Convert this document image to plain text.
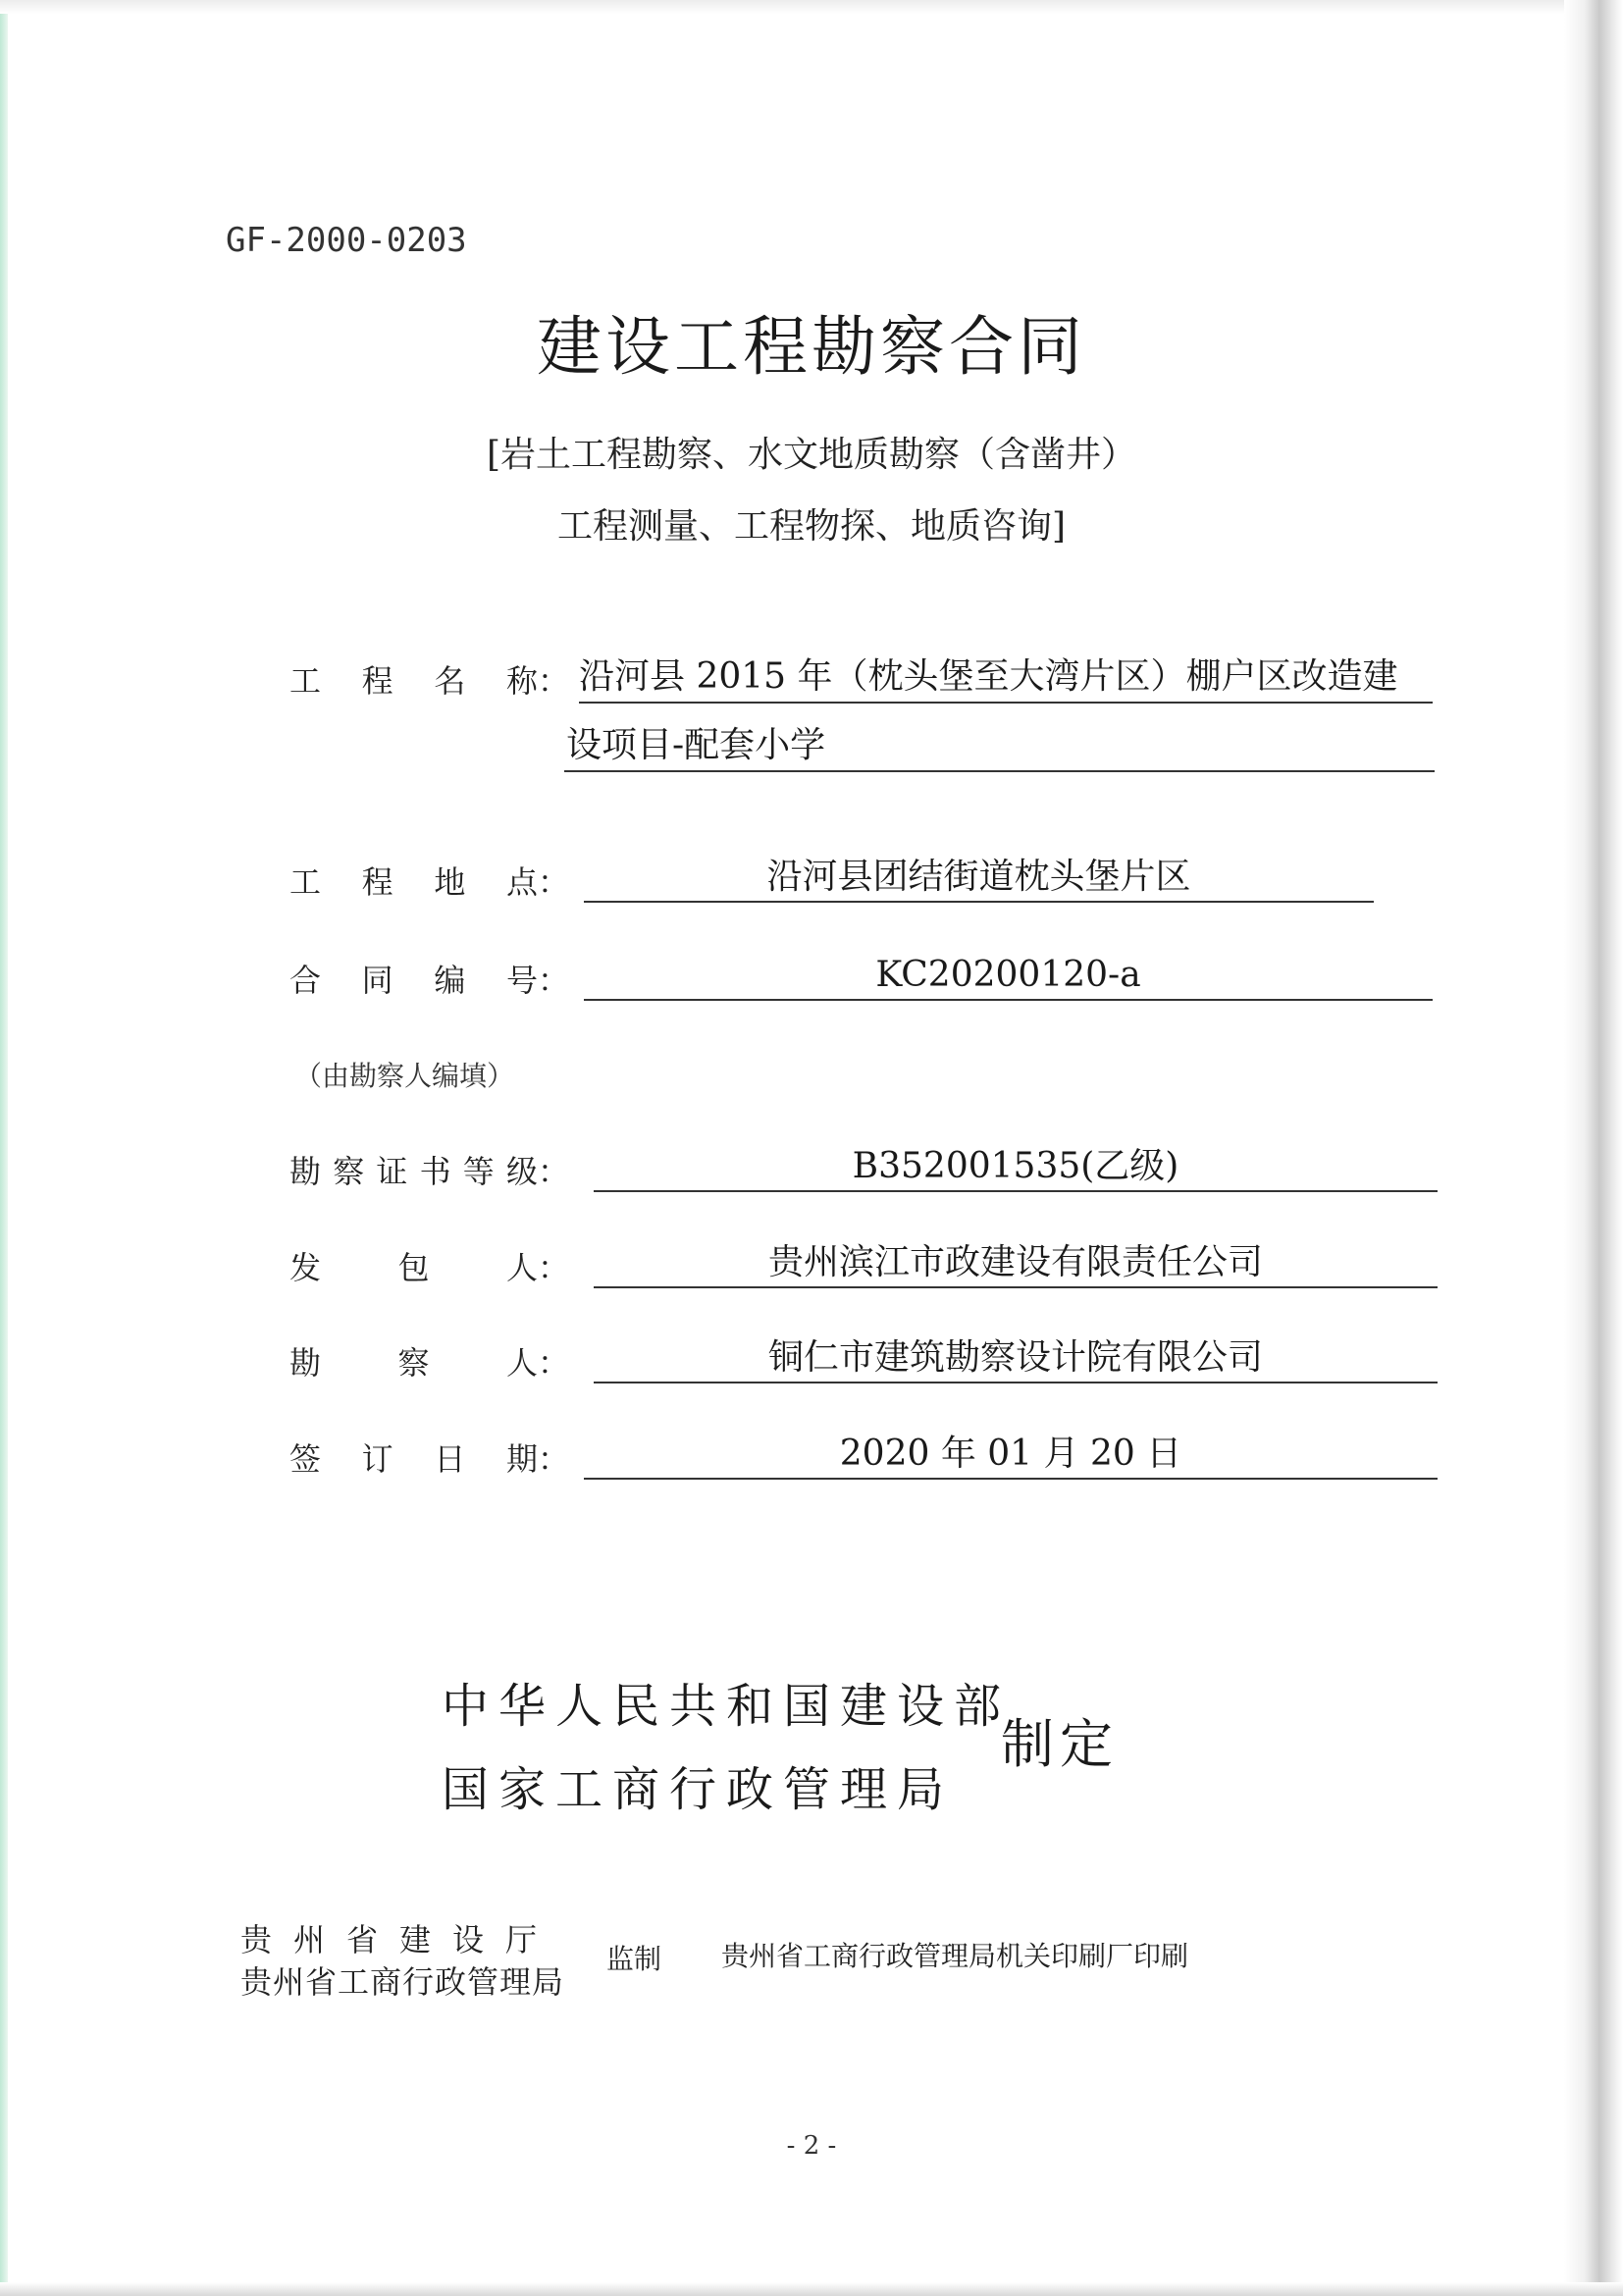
GF-2000-0203
建设工程勘察合同
[岩土工程勘察、水文地质勘察（含凿井）
工程测量、工程物探、地质咨询]
工 程 名 称： 沿河县 2015 年（枕头堡至大湾片区）棚户区改造建
设项目-配套小学
工 程 地 点：	沿河县团结街道枕头堡片区
合 同 编 号：	KC20200120-a
（由勘察人编填）
勘 察 证 书 等 级：	B352001535(乙级)
发 包 人：	贵州滨江市政建设有限责任公司
勘 察 人：	铜仁市建筑勘察设计院有限公司
签 订 日 期：	2020 年 01 月 20 日
中华人民共和国建设部
国家工商行政管理局
制定
贵州省建设厅
贵州省工商行政管理局
监制 贵州省工商行政管理局机关印刷厂印刷
- 2 -
